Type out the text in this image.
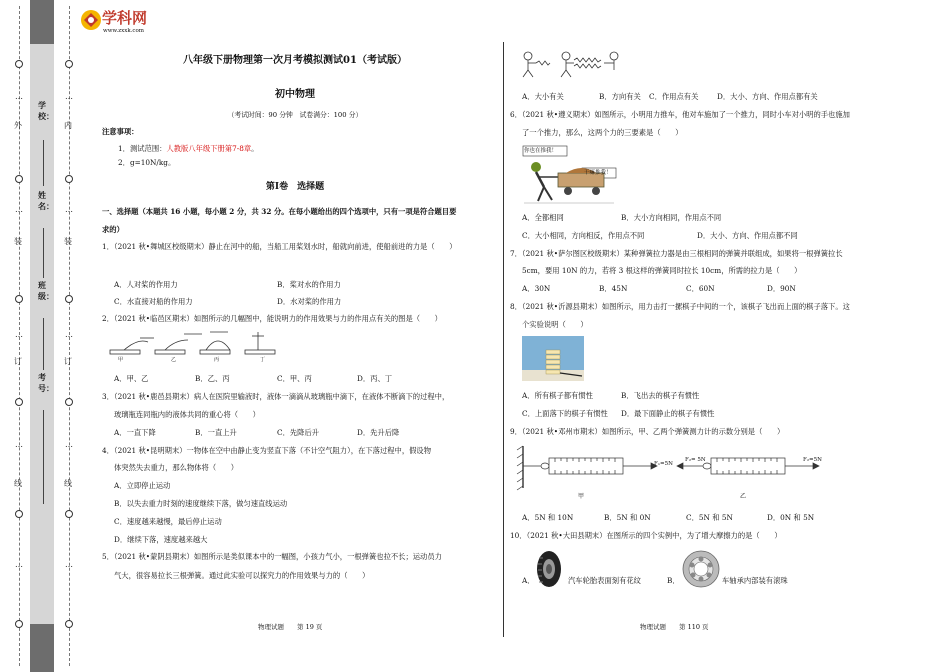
…
外
…
装
…
订
…
线
…
…
内
…
装
…
订
…
线
…
学校：
姓名：
班级：
考号：
学科网
www.zxxk.com
八年级下册物理第一次月考模拟测试01（考试版）
初中物理
（考试时间：90 分钟　试卷满分：100 分）
注意事项：
1．测试范围：人教版八年级下册第7-8章。
2．g=10N/kg。
第Ⅰ卷　选择题
一、选择题（本题共 16 小题，每小题 2 分，共 32 分。在每小题给出的四个选项中，只有一项是符合题目要
求的）
1．（2021 秋•舞城区校级期末）静止在河中的船，当船工用桨划水时，船就向前进，使船前进的力是（　　）
A．人对桨的作用力	B．桨对水的作用力
C．水直接对船的作用力	D．水对桨的作用力
2．（2021 秋•临邑区期末）如图所示的几幅图中，能说明力的作用效果与力的作用点有关的图是（　　）
甲	乙	丙	丁
A．甲、乙	B．乙、丙	C．甲、丙	D．丙、丁
3．（2021 秋•鹿邑县期末）病人在医院里输液时，液体一滴滴从玻璃瓶中滴下，在液体不断滴下的过程中，
玻璃瓶连同瓶内的液体共同的重心将（　　）
A．一直下降	B．一直上升	C．先降后升	D．先升后降
4．（2021 秋•昆明期末）一物体在空中由静止变为竖直下落（不计空气阻力），在下落过程中，假设物
体突然失去重力，那么物体将（　　）
A．立即停止运动
B．以失去重力时刻的速度继续下落，做匀速直线运动
C．速度越来越慢，最后停止运动
D．继续下落，速度越来越大
5．（2021 秋•蒙阴县期末）如图所示是类似课本中的一幅图，小孩力气小，一根弹簧也拉不长；运动员力
气大，很容易拉长三根弹簧。通过此实验可以探究力的作用效果与力的（　　）
物理试题　　第 19 页
A．大小有关	B．方向有关 C．作用点有关	D．大小、方向、作用点都有关
6．（2021 秋•遵义期末）如图所示，小明用力推车，他对车施加了一个推力，同时小车对小明的手也施加
了一个推力，那么，这两个力的三要素是（　　）
你也在推我！
干嘛推我！
A．全都相同	B．大小方向相同，作用点不同
C．大小相同，方向相反，作用点不同	D．大小、方向、作用点都不同
7．（2021 秋•萨尔图区校级期末）某种弹簧拉力器是由三根相同的弹簧并联组成，如果将一根弹簧拉长
5cm，要用 10N 的力，若将 3 根这样的弹簧同时拉长 10cm，所需的拉力是（　　）
A．30N	B．45N	C．60N	D．90N
8．（2021 秋•沂源县期末）如图所示，用力击打一摞棋子中间的一个，该棋子飞出而上面的棋子落下。这
个实验说明（　　）
A．所有棋子都有惯性	B．飞出去的棋子有惯性
C．上面落下的棋子有惯性 D．最下面静止的棋子有惯性
9．（2021 秋•邓州市期末）如图所示，甲、乙两个弹簧测力计的示数分别是（　　）
F₁=5N
F₂= 5N	F₂=5N
甲	乙
A．5N 和 10N	B．5N 和 0N	C．5N 和 5N	D．0N 和 5N
10．（2021 秋•大田县期末）在图所示的四个实例中，为了增大摩擦力的是（　　）
A．	汽车轮胎表面刻有花纹	B．	车轴承内部装有滚珠
物理试题　　第 110 页
